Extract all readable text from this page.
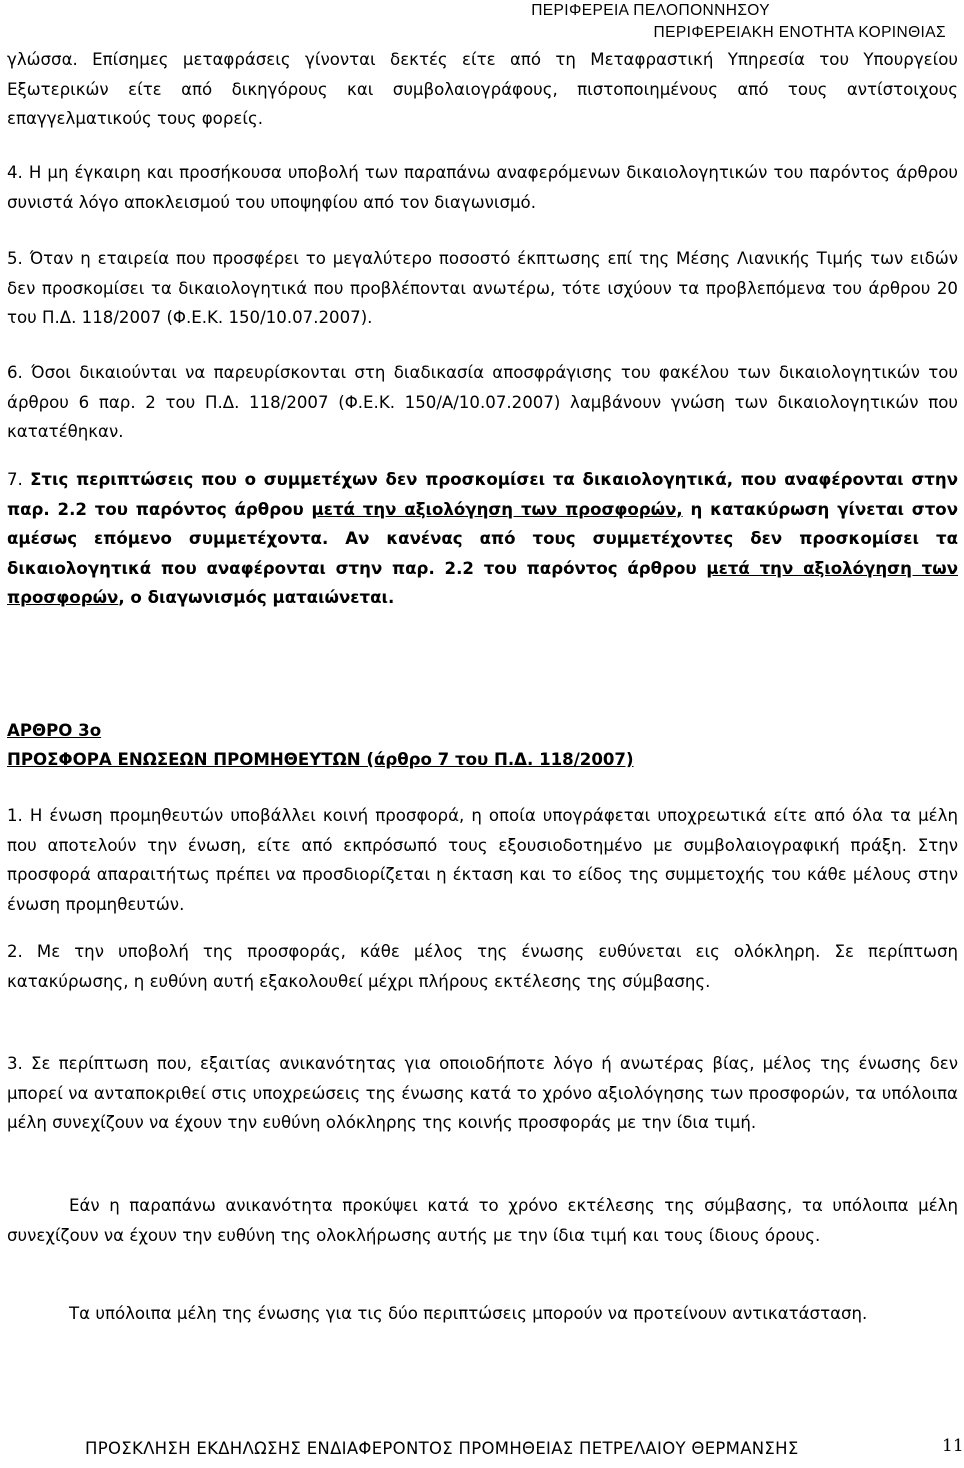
ΠΕΡΙΦΕΡΕΙΑ ΠΕΛΟΠΟΝΝΗΣΟΥ
ΠΕΡΙΦΕΡΕΙΑΚΗ ΕΝΟΤΗΤΑ ΚΟΡΙΝΘΙΑΣ

γλώσσα. Επίσημες μεταφράσεις γίνονται δεκτές είτε από τη Μεταφραστική Υπηρεσία του Υπουργείου Εξωτερικών είτε από δικηγόρους και συμβολαιογράφους, πιστοποιημένους από τους αντίστοιχους επαγγελματικούς τους φορείς.

4. Η μη έγκαιρη και προσήκουσα υποβολή των παραπάνω αναφερόμενων δικαιολογητικών του παρόντος άρθρου συνιστά λόγο αποκλεισμού του υποψηφίου από τον διαγωνισμό.

5. Όταν η εταιρεία που προσφέρει το μεγαλύτερο ποσοστό έκπτωσης επί της Μέσης Λιανικής Τιμής των ειδών δεν προσκομίσει τα δικαιολογητικά που προβλέπονται ανωτέρω, τότε ισχύουν τα προβλεπόμενα του άρθρου 20 του Π.Δ. 118/2007 (Φ.Ε.Κ. 150/10.07.2007).

6. Όσοι δικαιούνται να παρευρίσκονται στη διαδικασία αποσφράγισης του φακέλου των δικαιολογητικών του άρθρου 6 παρ. 2 του Π.Δ. 118/2007 (Φ.Ε.Κ. 150/Α/10.07.2007) λαμβάνουν γνώση των δικαιολογητικών που κατατέθηκαν.

7. Στις περιπτώσεις που ο συμμετέχων δεν προσκομίσει τα δικαιολογητικά, που αναφέρονται στην παρ. 2.2 του παρόντος άρθρου μετά την αξιολόγηση των προσφορών, η κατακύρωση γίνεται στον αμέσως επόμενο συμμετέχοντα. Αν κανένας από τους συμμετέχοντες δεν προσκομίσει τα δικαιολογητικά που αναφέρονται στην παρ. 2.2 του παρόντος άρθρου μετά την αξιολόγηση των προσφορών, ο διαγωνισμός ματαιώνεται.

ΑΡΘΡΟ 3ο
ΠΡΟΣΦΟΡΑ ΕΝΩΣΕΩΝ ΠΡΟΜΗΘΕΥΤΩΝ (άρθρο 7 του Π.Δ. 118/2007)

1. Η ένωση προμηθευτών υποβάλλει κοινή προσφορά, η οποία υπογράφεται υποχρεωτικά είτε από όλα τα μέλη που αποτελούν την ένωση, είτε από εκπρόσωπό τους εξουσιοδοτημένο με συμβολαιογραφική πράξη. Στην προσφορά απαραιτήτως πρέπει να προσδιορίζεται η έκταση και το είδος της συμμετοχής του κάθε μέλους στην ένωση προμηθευτών.

2. Με την υποβολή της προσφοράς, κάθε μέλος της ένωσης ευθύνεται εις ολόκληρη. Σε περίπτωση κατακύρωσης, η ευθύνη αυτή εξακολουθεί μέχρι πλήρους εκτέλεσης της σύμβασης.

3. Σε περίπτωση που, εξαιτίας ανικανότητας για οποιοδήποτε λόγο ή ανωτέρας βίας, μέλος της ένωσης δεν μπορεί να ανταποκριθεί στις υποχρεώσεις της ένωσης κατά το χρόνο αξιολόγησης των προσφορών, τα υπόλοιπα μέλη συνεχίζουν να έχουν την ευθύνη ολόκληρης της κοινής προσφοράς με την ίδια τιμή.

Εάν η παραπάνω ανικανότητα προκύψει κατά το χρόνο εκτέλεσης της σύμβασης, τα υπόλοιπα μέλη συνεχίζουν να έχουν την ευθύνη της ολοκλήρωσης αυτής με την ίδια τιμή και τους ίδιους όρους.

Τα υπόλοιπα μέλη της ένωσης για τις δύο περιπτώσεις μπορούν να προτείνουν αντικατάσταση.

ΠΡΟΣΚΛΗΣΗ ΕΚΔΗΛΩΣΗΣ ΕΝΔΙΑΦΕΡΟΝΤΟΣ ΠΡΟΜΗΘΕΙΑΣ ΠΕΤΡΕΛΑΙΟΥ ΘΕΡΜΑΝΣΗΣ	11
